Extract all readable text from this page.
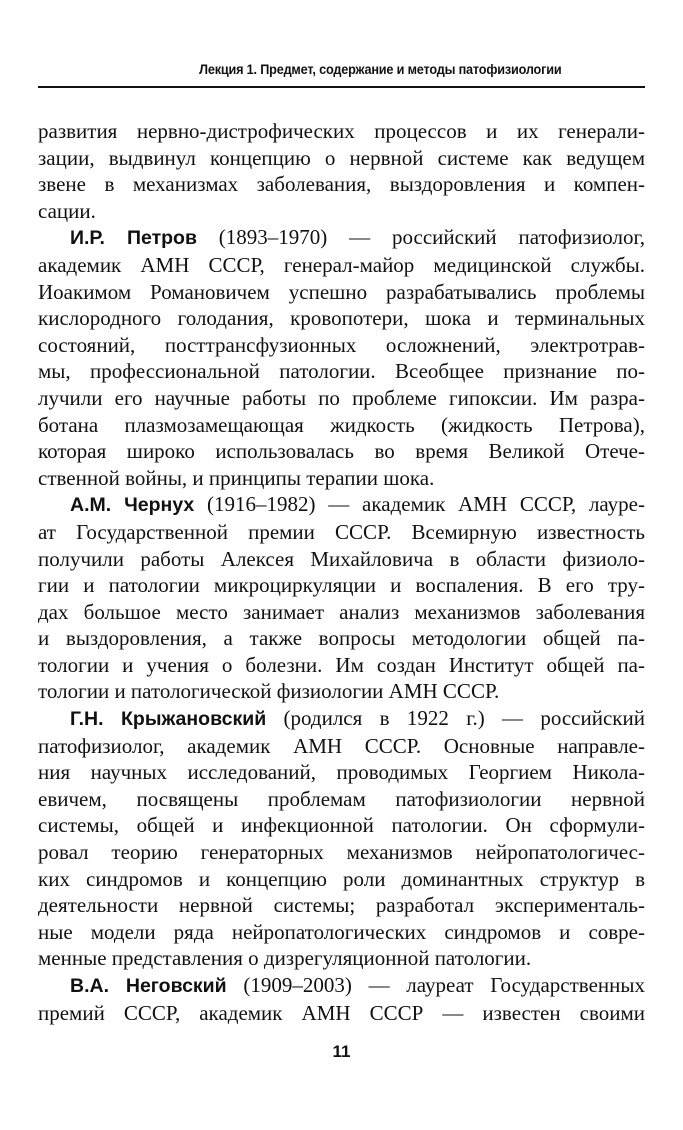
Лекция 1. Предмет, содержание и методы патофизиологии
развития нервно-дистрофических процессов и их генерали-
зации, выдвинул концепцию о нервной системе как ведущем
звене в механизмах заболевания, выздоровления и компен-
сации.
И.Р. Петров (1893–1970) — российский патофизиолог,
академик АМН СССР, генерал-майор медицинской службы.
Иоакимом Романовичем успешно разрабатывались проблемы
кислородного голодания, кровопотери, шока и терминальных
состояний, посттрансфузионных осложнений, электротрав-
мы, профессиональной патологии. Всеобщее признание по-
лучили его научные работы по проблеме гипоксии. Им разра-
ботана плазмозамещающая жидкость (жидкость Петрова),
которая широко использовалась во время Великой Отече-
ственной войны, и принципы терапии шока.
А.М. Чернух (1916–1982) — академик АМН СССР, лауре-
ат Государственной премии СССР. Всемирную известность
получили работы Алексея Михайловича в области физиоло-
гии и патологии микроциркуляции и воспаления. В его тру-
дах большое место занимает анализ механизмов заболевания
и выздоровления, а также вопросы методологии общей па-
тологии и учения о болезни. Им создан Институт общей па-
тологии и патологической физиологии АМН СССР.
Г.Н. Крыжановский (родился в 1922 г.) — российский
патофизиолог, академик АМН СССР. Основные направле-
ния научных исследований, проводимых Георгием Никола-
евичем, посвящены проблемам патофизиологии нервной
системы, общей и инфекционной патологии. Он сформули-
ровал теорию генераторных механизмов нейропатологичес-
ких синдромов и концепцию роли доминантных структур в
деятельности нервной системы; разработал эксперименталь-
ные модели ряда нейропатологических синдромов и совре-
менные представления о дизрегуляционной патологии.
В.А. Неговский (1909–2003) — лауреат Государственных
премий СССР, академик АМН СССР — известен своими
11
